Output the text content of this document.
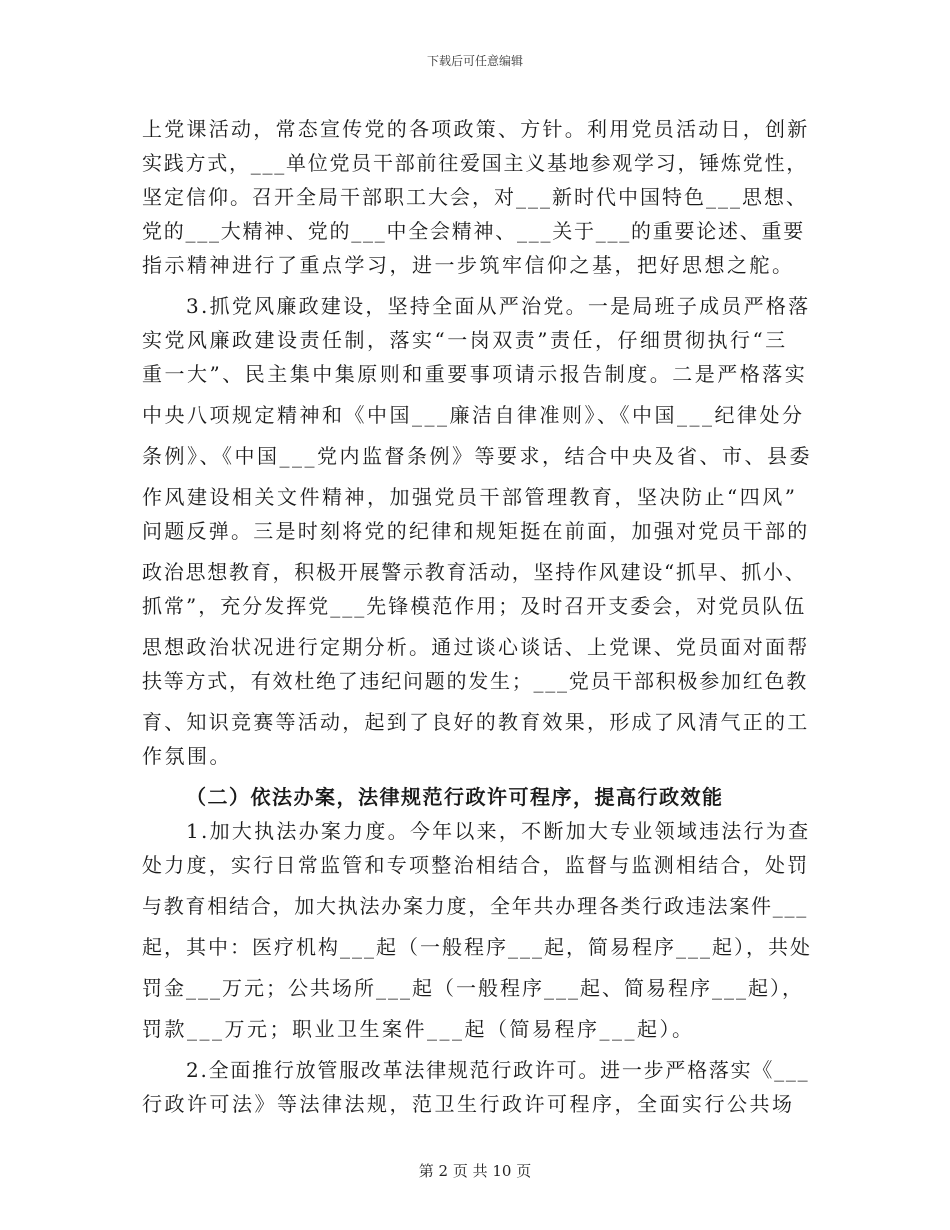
下载后可任意编辑
上党课活动，常态宣传党的各项政策、方针。利用党员活动日，创新
实践方式，___单位党员干部前往爱国主义基地参观学习，锤炼党性，
坚定信仰。召开全局干部职工大会，对___新时代中国特色___思想、
党的___大精神、党的___中全会精神、___关于___的重要论述、重要
指示精神进行了重点学习，进一步筑牢信仰之基，把好思想之舵。
3.抓党风廉政建设，坚持全面从严治党。一是局班子成员严格落
实党风廉政建设责任制，落实“一岗双责”责任，仔细贯彻执行“三
重一大”、民主集中集原则和重要事项请示报告制度。二是严格落实
中央八项规定精神和《中国___廉洁自律准则》、《中国___纪律处分
条例》、《中国___党内监督条例》等要求，结合中央及省、市、县委
作风建设相关文件精神，加强党员干部管理教育，坚决防止“四风”
问题反弹。三是时刻将党的纪律和规矩挺在前面，加强对党员干部的
政治思想教育，积极开展警示教育活动，坚持作风建设“抓早、抓小、
抓常”，充分发挥党___先锋模范作用；及时召开支委会，对党员队伍
思想政治状况进行定期分析。通过谈心谈话、上党课、党员面对面帮
扶等方式，有效杜绝了违纪问题的发生；___党员干部积极参加红色教
育、知识竞赛等活动，起到了良好的教育效果，形成了风清气正的工
作氛围。
（二）依法办案，法律规范行政许可程序，提高行政效能
1.加大执法办案力度。今年以来，不断加大专业领域违法行为查
处力度，实行日常监管和专项整治相结合，监督与监测相结合，处罚
与教育相结合，加大执法办案力度，全年共办理各类行政违法案件___
起，其中：医疗机构___起（一般程序___起，简易程序___起），共处
罚金___万元；公共场所___起（一般程序___起、简易程序___起），
罚款___万元；职业卫生案件___起（简易程序___起）。
2.全面推行放管服改革法律规范行政许可。进一步严格落实《___
行政许可法》等法律法规，范卫生行政许可程序，全面实行公共场
第 2 页 共 10 页
